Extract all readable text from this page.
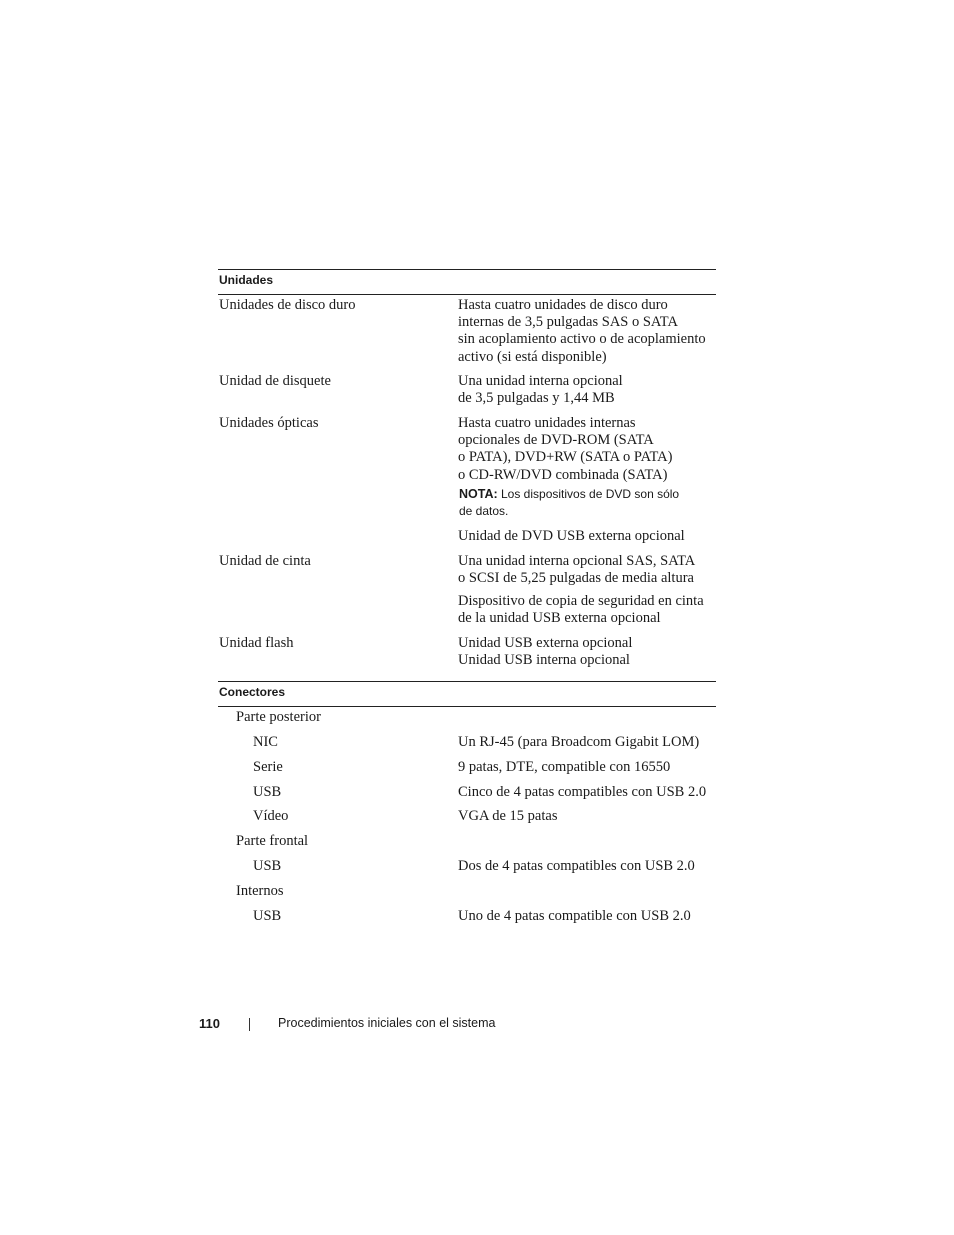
Unidades
Unidades de disco duro	Hasta cuatro unidades de disco duro
internas de 3,5 pulgadas SAS o SATA
sin acoplamiento activo o de acoplamiento
activo (si está disponible)
Unidad de disquete	Una unidad interna opcional
de 3,5 pulgadas y 1,44 MB
Unidades ópticas	Hasta cuatro unidades internas
opcionales de DVD-ROM (SATA
o PATA), DVD+RW (SATA o PATA)
o CD-RW/DVD combinada (SATA)
NOTA: Los dispositivos de DVD son sólo
de datos.
Unidad de DVD USB externa opcional
Unidad de cinta	Una unidad interna opcional SAS, SATA
o SCSI de 5,25 pulgadas de media altura
Dispositivo de copia de seguridad en cinta
de la unidad USB externa opcional
Unidad flash	Unidad USB externa opcional
Unidad USB interna opcional
Conectores
Parte posterior
NIC	Un RJ-45 (para Broadcom Gigabit LOM)
Serie	9 patas, DTE, compatible con 16550
USB	Cinco de 4 patas compatibles con USB 2.0
Vídeo	VGA de 15 patas
Parte frontal
USB	Dos de 4 patas compatibles con USB 2.0
Internos
USB	Uno de 4 patas compatible con USB 2.0
110	Procedimientos iniciales con el sistema
